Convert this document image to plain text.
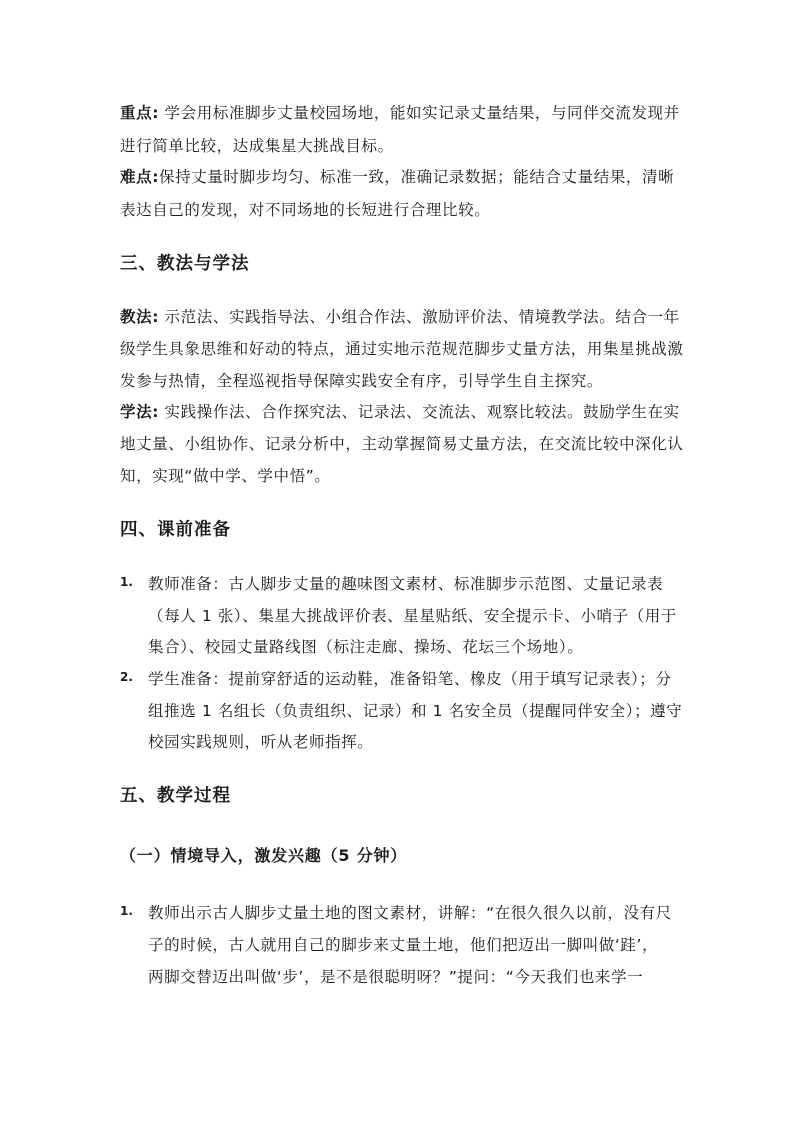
重点: 学会用标准脚步丈量校园场地，能如实记录丈量结果，与同伴交流发现并
进行简单比较，达成集星大挑战目标。
难点:保持丈量时脚步均匀、标准一致，准确记录数据；能结合丈量结果，清晰
表达自己的发现，对不同场地的长短进行合理比较。
三、教法与学法
教法: 示范法、实践指导法、小组合作法、激励评价法、情境教学法。结合一年
级学生具象思维和好动的特点，通过实地示范规范脚步丈量方法，用集星挑战激
发参与热情，全程巡视指导保障实践安全有序，引导学生自主探究。
学法: 实践操作法、合作探究法、记录法、交流法、观察比较法。鼓励学生在实
地丈量、小组协作、记录分析中，主动掌握简易丈量方法，在交流比较中深化认
知，实现“做中学、学中悟”。
四、课前准备
1. 教师准备：古人脚步丈量的趣味图文素材、标准脚步示范图、丈量记录表
（每人 1 张）、集星大挑战评价表、星星贴纸、安全提示卡、小哨子（用于
集合）、校园丈量路线图（标注走廊、操场、花坛三个场地）。
2. 学生准备：提前穿舒适的运动鞋，准备铅笔、橡皮（用于填写记录表）；分
组推选 1 名组长（负责组织、记录）和 1 名安全员（提醒同伴安全）；遵守
校园实践规则，听从老师指挥。
五、教学过程
（一）情境导入，激发兴趣（5 分钟）
1. 教师出示古人脚步丈量土地的图文素材，讲解：“在很久很久以前，没有尺
子的时候，古人就用自己的脚步来丈量土地，他们把迈出一脚叫做‘跬’，
两脚交替迈出叫做‘步’，是不是很聪明呀？”提问：“今天我们也来学一
